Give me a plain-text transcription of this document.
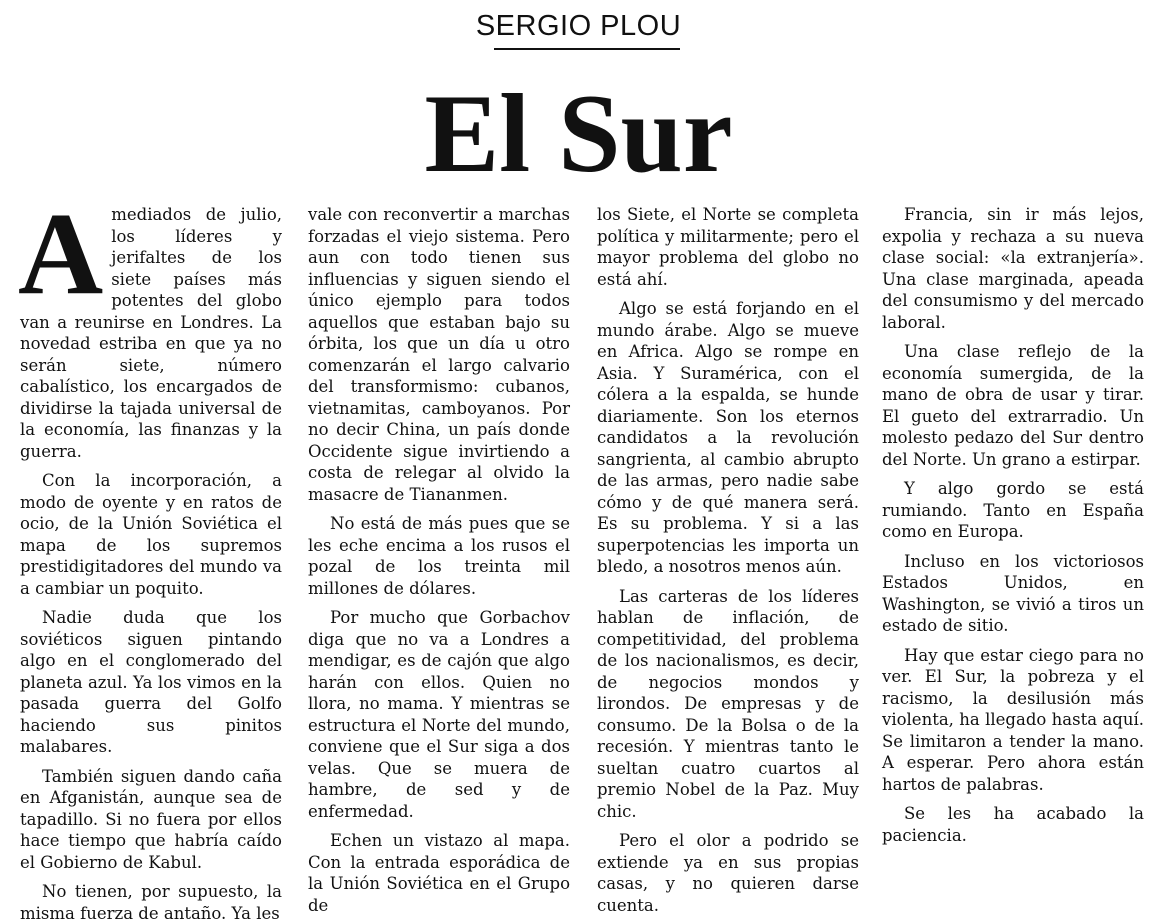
SERGIO PLOU
El Sur

Amediados de julio, los líderes y jerifaltes de los siete países más potentes del globo van a reunirse en Londres. La novedad estriba en que ya no serán siete, número cabalístico, los encargados de dividirse la tajada universal de la economía, las finanzas y la guerra.

Con la incorporación, a modo de oyente y en ratos de ocio, de la Unión Soviética el mapa de los supremos prestidigitadores del mundo va a cambiar un poquito.

Nadie duda que los soviéticos siguen pintando algo en el conglomerado del planeta azul. Ya los vimos en la pasada guerra del Golfo haciendo sus pinitos malabares.

También siguen dando caña en Afganistán, aunque sea de tapadillo. Si no fuera por ellos hace tiempo que habría caído el Gobierno de Kabul.

No tienen, por supuesto, la misma fuerza de antaño. Ya les

vale con reconvertir a marchas forzadas el viejo sistema. Pero aun con todo tienen sus influencias y siguen siendo el único ejemplo para todos aquellos que estaban bajo su órbita, los que un día u otro comenzarán el largo calvario del transformismo: cubanos, vietnamitas, camboyanos. Por no decir China, un país donde Occidente sigue invirtiendo a costa de relegar al olvido la masacre de Tiananmen.

No está de más pues que se les eche encima a los rusos el pozal de los treinta mil millones de dólares.

Por mucho que Gorbachov diga que no va a Londres a mendigar, es de cajón que algo harán con ellos. Quien no llora, no mama. Y mientras se estructura el Norte del mundo, conviene que el Sur siga a dos velas. Que se muera de hambre, de sed y de enfermedad.

Echen un vistazo al mapa. Con la entrada esporádica de la Unión Soviética en el Grupo de

los Siete, el Norte se completa política y militarmente; pero el mayor problema del globo no está ahí.

Algo se está forjando en el mundo árabe. Algo se mueve en Africa. Algo se rompe en Asia. Y Suramérica, con el cólera a la espalda, se hunde diariamente. Son los eternos candidatos a la revolución sangrienta, al cambio abrupto de las armas, pero nadie sabe cómo y de qué manera será. Es su problema. Y si a las superpotencias les importa un bledo, a nosotros menos aún.

Las carteras de los líderes hablan de inflación, de competitividad, del problema de los nacionalismos, es decir, de negocios mondos y lirondos. De empresas y de consumo. De la Bolsa o de la recesión. Y mientras tanto le sueltan cuatro cuartos al premio Nobel de la Paz. Muy chic.

Pero el olor a podrido se extiende ya en sus propias casas, y no quieren darse cuenta.

Francia, sin ir más lejos, expolia y rechaza a su nueva clase social: «la extranjería». Una clase marginada, apeada del consumismo y del mercado laboral.

Una clase reflejo de la economía sumergida, de la mano de obra de usar y tirar. El gueto del extrarradio. Un molesto pedazo del Sur dentro del Norte. Un grano a estirpar.

Y algo gordo se está rumiando. Tanto en España como en Europa.

Incluso en los victoriosos Estados Unidos, en Washington, se vivió a tiros un estado de sitio.

Hay que estar ciego para no ver. El Sur, la pobreza y el racismo, la desilusión más violenta, ha llegado hasta aquí. Se limitaron a tender la mano. A esperar. Pero ahora están hartos de palabras.

Se les ha acabado la paciencia.
